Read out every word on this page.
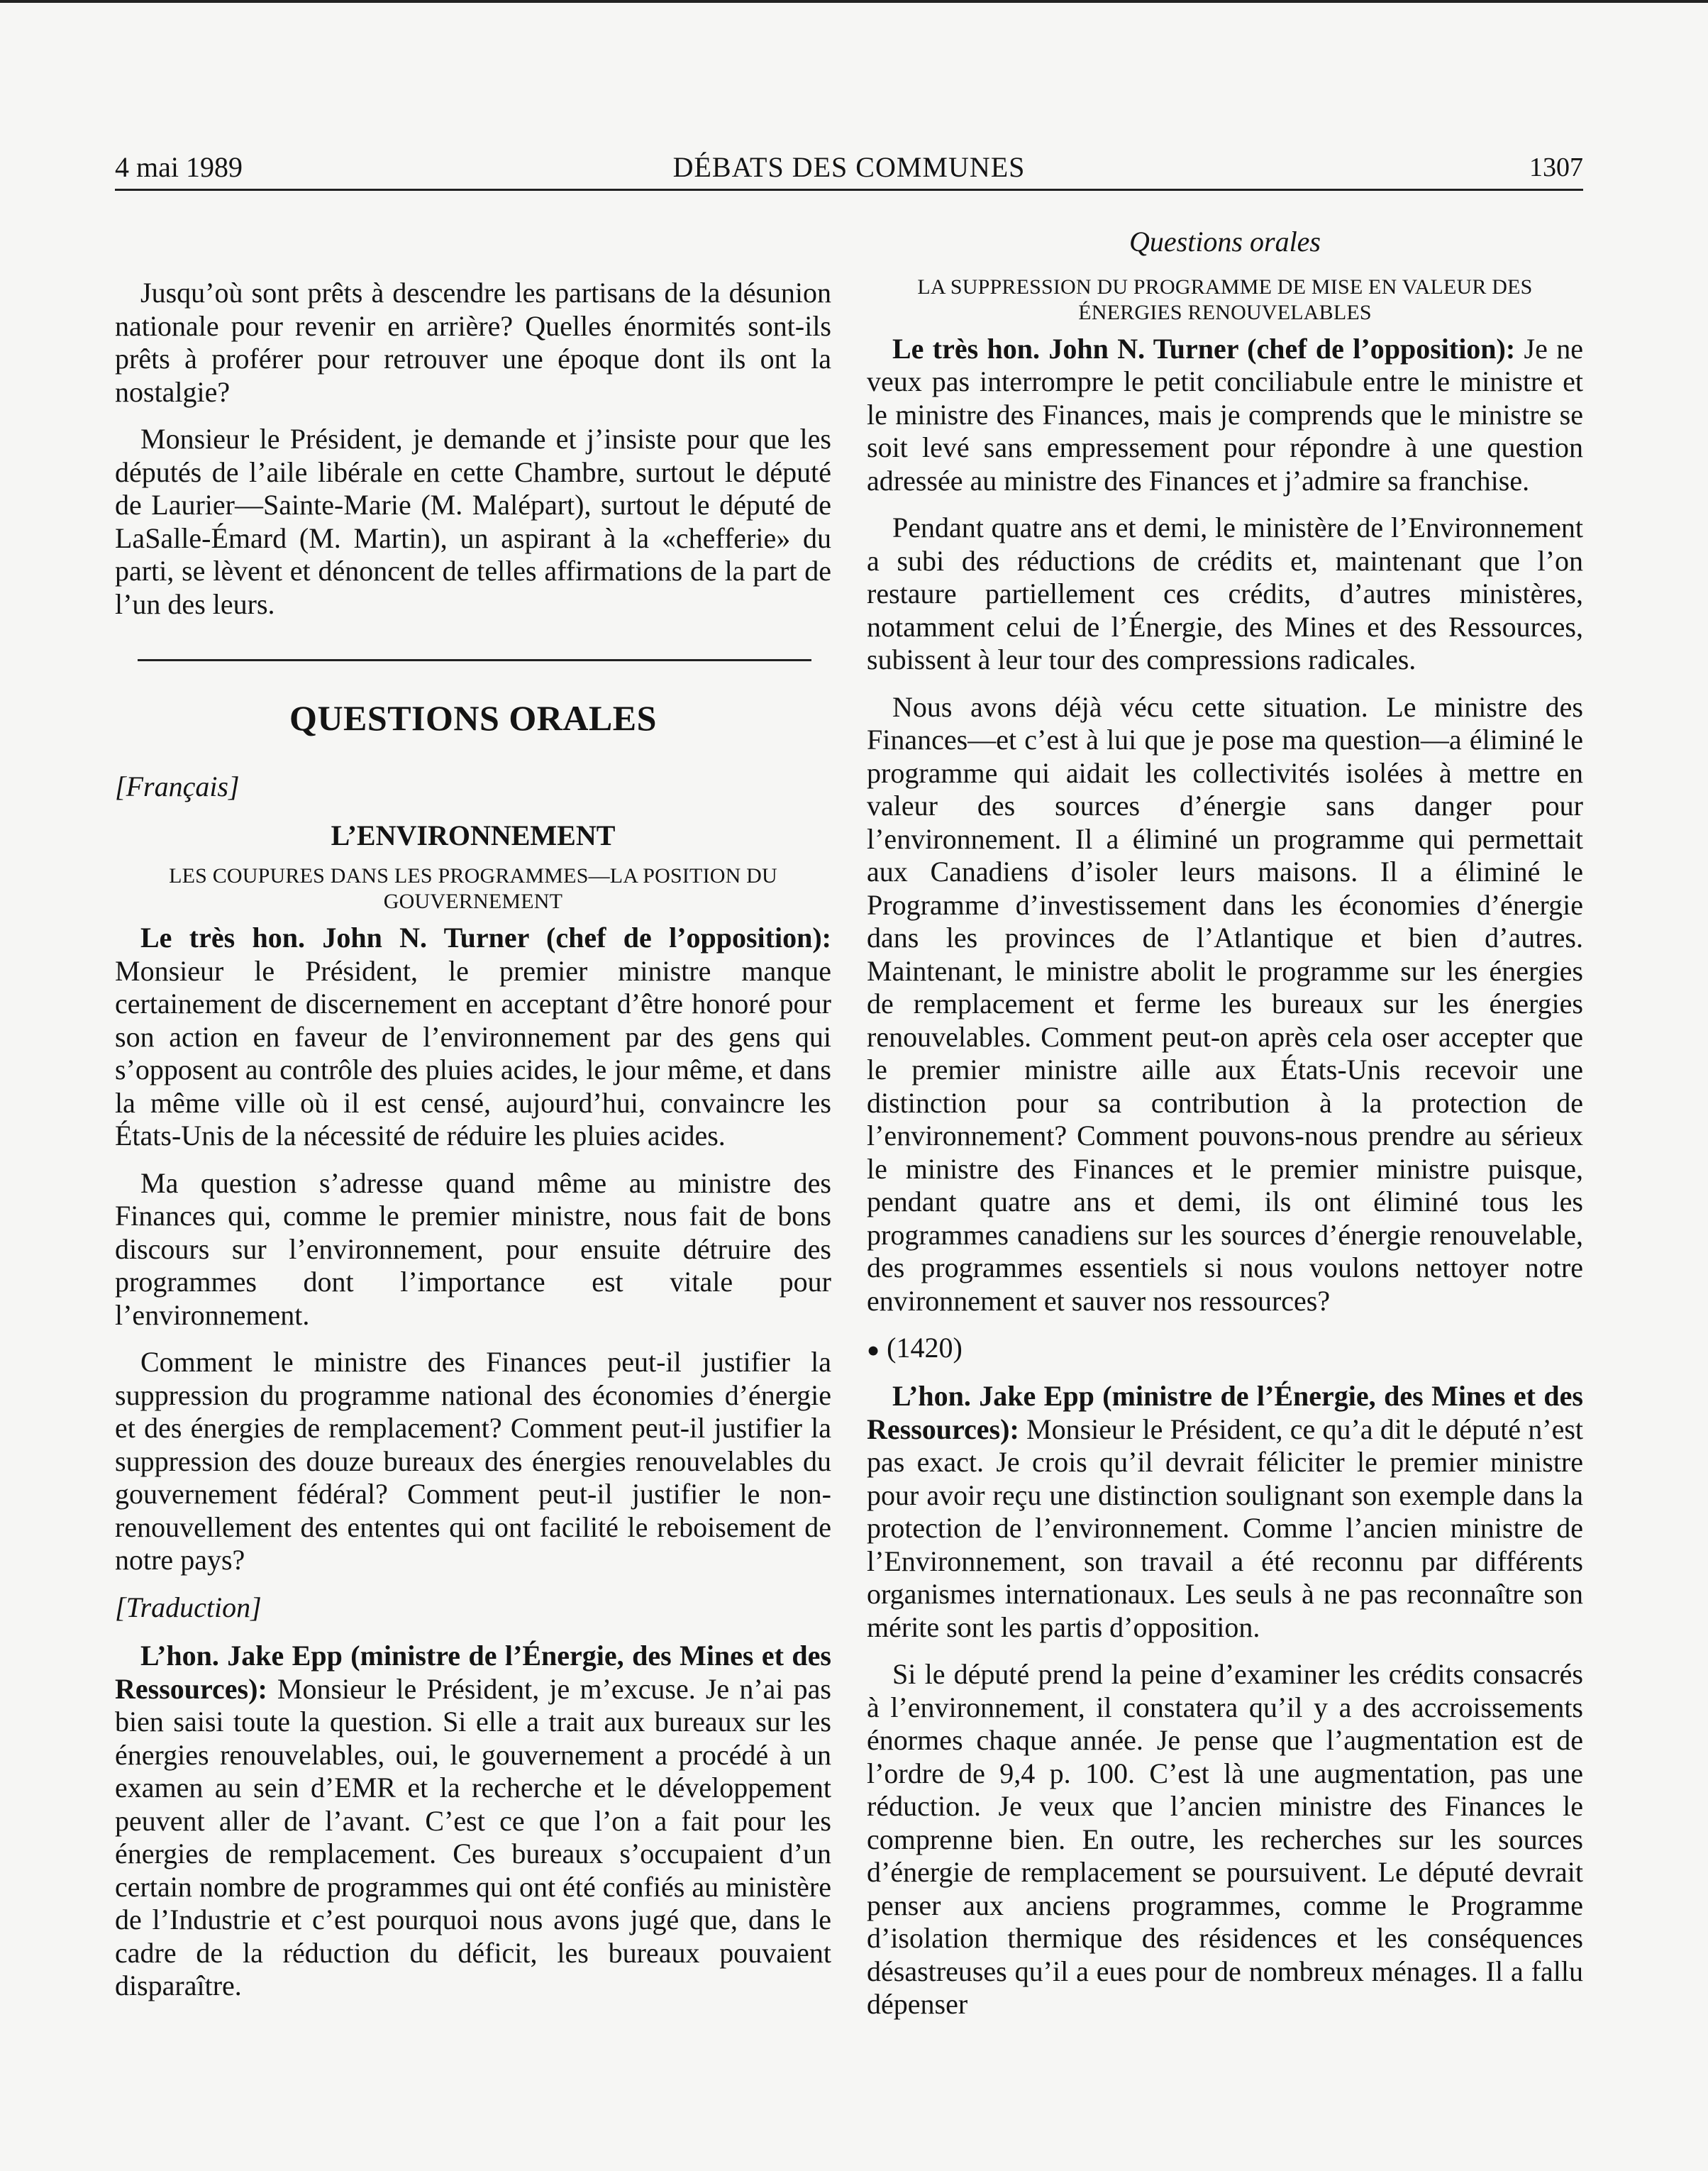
4 mai 1989	DÉBATS DES COMMUNES	1307

Jusqu’où sont prêts à descendre les partisans de la désunion nationale pour revenir en arrière? Quelles énormités sont-ils prêts à proférer pour retrouver une époque dont ils ont la nostalgie?

Monsieur le Président, je demande et j’insiste pour que les députés de l’aile libérale en cette Chambre, surtout le député de Laurier—Sainte-Marie (M. Malépart), surtout le député de LaSalle-Émard (M. Martin), un aspirant à la «chefferie» du parti, se lèvent et dénoncent de telles affirmations de la part de l’un des leurs.

QUESTIONS ORALES

[Français]

L’ENVIRONNEMENT

LES COUPURES DANS LES PROGRAMMES—LA POSITION DU GOUVERNEMENT

Le très hon. John N. Turner (chef de l’opposition): Monsieur le Président, le premier ministre manque certainement de discernement en acceptant d’être honoré pour son action en faveur de l’environnement par des gens qui s’opposent au contrôle des pluies acides, le jour même, et dans la même ville où il est censé, aujourd’hui, convaincre les États-Unis de la nécessité de réduire les pluies acides.

Ma question s’adresse quand même au ministre des Finances qui, comme le premier ministre, nous fait de bons discours sur l’environnement, pour ensuite détruire des programmes dont l’importance est vitale pour l’environnement.

Comment le ministre des Finances peut-il justifier la suppression du programme national des économies d’énergie et des énergies de remplacement? Comment peut-il justifier la suppression des douze bureaux des énergies renouvelables du gouvernement fédéral? Comment peut-il justifier le non-renouvellement des ententes qui ont facilité le reboisement de notre pays?

[Traduction]

L’hon. Jake Epp (ministre de l’Énergie, des Mines et des Ressources): Monsieur le Président, je m’excuse. Je n’ai pas bien saisi toute la question. Si elle a trait aux bureaux sur les énergies renouvelables, oui, le gouvernement a procédé à un examen au sein d’EMR et la recherche et le développement peuvent aller de l’avant. C’est ce que l’on a fait pour les énergies de remplacement. Ces bureaux s’occupaient d’un certain nombre de programmes qui ont été confiés au ministère de l’Industrie et c’est pourquoi nous avons jugé que, dans le cadre de la réduction du déficit, les bureaux pouvaient disparaître.

Questions orales

LA SUPPRESSION DU PROGRAMME DE MISE EN VALEUR DES ÉNERGIES RENOUVELABLES

Le très hon. John N. Turner (chef de l’opposition): Je ne veux pas interrompre le petit conciliabule entre le ministre et le ministre des Finances, mais je comprends que le ministre se soit levé sans empressement pour répondre à une question adressée au ministre des Finances et j’admire sa franchise.

Pendant quatre ans et demi, le ministère de l’Environnement a subi des réductions de crédits et, maintenant que l’on restaure partiellement ces crédits, d’autres ministères, notamment celui de l’Énergie, des Mines et des Ressources, subissent à leur tour des compressions radicales.

Nous avons déjà vécu cette situation. Le ministre des Finances—et c’est à lui que je pose ma question—a éliminé le programme qui aidait les collectivités isolées à mettre en valeur des sources d’énergie sans danger pour l’environnement. Il a éliminé un programme qui permettait aux Canadiens d’isoler leurs maisons. Il a éliminé le Programme d’investissement dans les économies d’énergie dans les provinces de l’Atlantique et bien d’autres. Maintenant, le ministre abolit le programme sur les énergies de remplacement et ferme les bureaux sur les énergies renouvelables. Comment peut-on après cela oser accepter que le premier ministre aille aux États-Unis recevoir une distinction pour sa contribution à la protection de l’environnement? Comment pouvons-nous prendre au sérieux le ministre des Finances et le premier ministre puisque, pendant quatre ans et demi, ils ont éliminé tous les programmes canadiens sur les sources d’énergie renouvelable, des programmes essentiels si nous voulons nettoyer notre environnement et sauver nos ressources?

● (1420)

L’hon. Jake Epp (ministre de l’Énergie, des Mines et des Ressources): Monsieur le Président, ce qu’a dit le député n’est pas exact. Je crois qu’il devrait féliciter le premier ministre pour avoir reçu une distinction soulignant son exemple dans la protection de l’environnement. Comme l’ancien ministre de l’Environnement, son travail a été reconnu par différents organismes internationaux. Les seuls à ne pas reconnaître son mérite sont les partis d’opposition.

Si le député prend la peine d’examiner les crédits consacrés à l’environnement, il constatera qu’il y a des accroissements énormes chaque année. Je pense que l’augmentation est de l’ordre de 9,4 p. 100. C’est là une augmentation, pas une réduction. Je veux que l’ancien ministre des Finances le comprenne bien. En outre, les recherches sur les sources d’énergie de remplacement se poursuivent. Le député devrait penser aux anciens programmes, comme le Programme d’isolation thermique des résidences et les conséquences désastreuses qu’il a eues pour de nombreux ménages. Il a fallu dépenser
